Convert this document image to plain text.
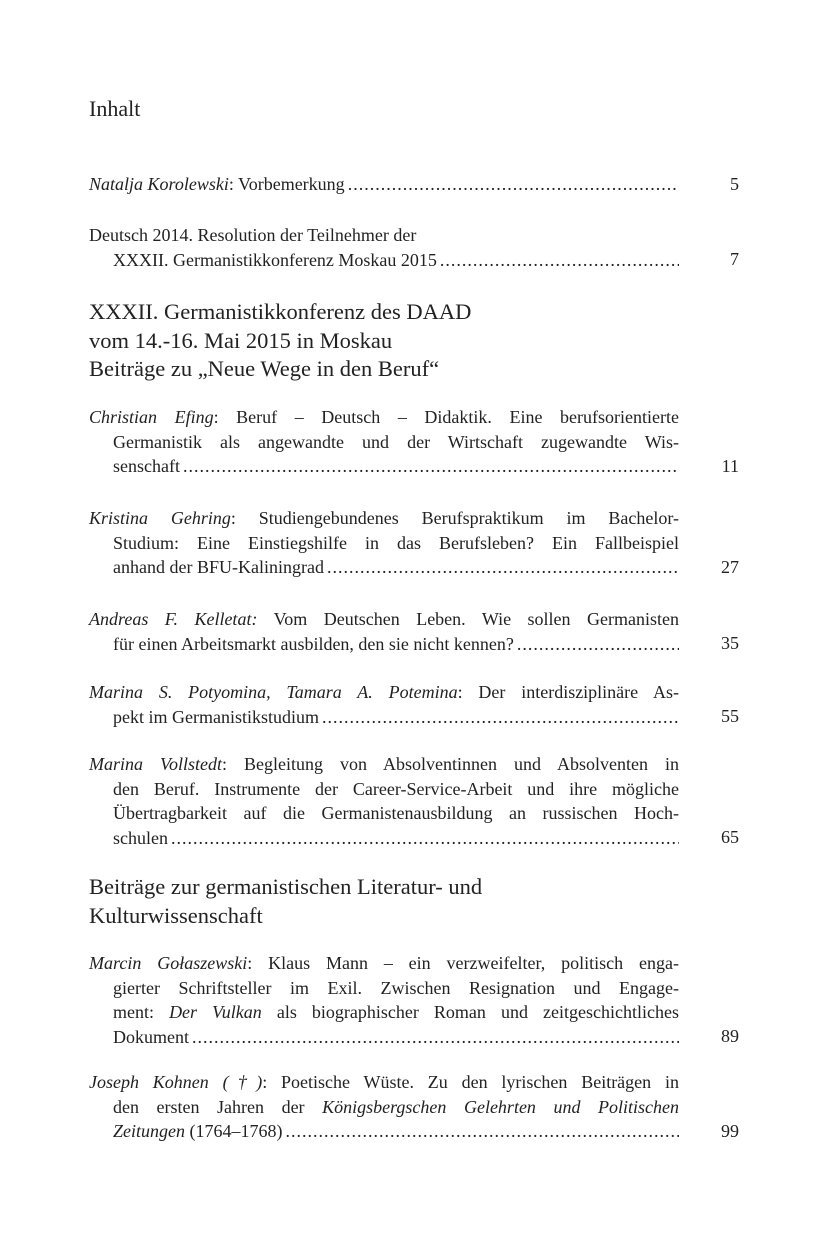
Inhalt
Natalja Korolewski: Vorbemerkung .....	5
Deutsch 2014. Resolution der Teilnehmer der
XXXII. Germanistikkonferenz Moskau 2015 .....	7
XXXII. Germanistikkonferenz des DAAD
vom 14.-16. Mai 2015 in Moskau
Beiträge zu „Neue Wege in den Beruf“
Christian Efing: Beruf – Deutsch – Didaktik. Eine berufsorientierte
Germanistik als angewandte und der Wirtschaft zugewandte Wis-
senschaft .....	11
Kristina Gehring: Studiengebundenes Berufspraktikum im Bachelor-
Studium: Eine Einstiegshilfe in das Berufsleben? Ein Fallbeispiel
anhand der BFU-Kaliningrad .....	27
Andreas F. Kelletat: Vom Deutschen Leben. Wie sollen Germanisten
für einen Arbeitsmarkt ausbilden, den sie nicht kennen? .....	35
Marina S. Potyomina, Tamara A. Potemina: Der interdisziplinäre As-
pekt im Germanistikstudium .....	55
Marina Vollstedt: Begleitung von Absolventinnen und Absolventen in
den Beruf. Instrumente der Career-Service-Arbeit und ihre mögliche
Übertragbarkeit auf die Germanistenausbildung an russischen Hoch-
schulen .....	65
Beiträge zur germanistischen Literatur- und
Kulturwissenschaft
Marcin Gołaszewski: Klaus Mann – ein verzweifelter, politisch enga-
gierter Schriftsteller im Exil. Zwischen Resignation und Engage-
ment: Der Vulkan als biographischer Roman und zeitgeschichtliches
Dokument .....	89
Joseph Kohnen (†): Poetische Wüste. Zu den lyrischen Beiträgen in
den ersten Jahren der Königsbergschen Gelehrten und Politischen
Zeitungen (1764–1768) .....	99
